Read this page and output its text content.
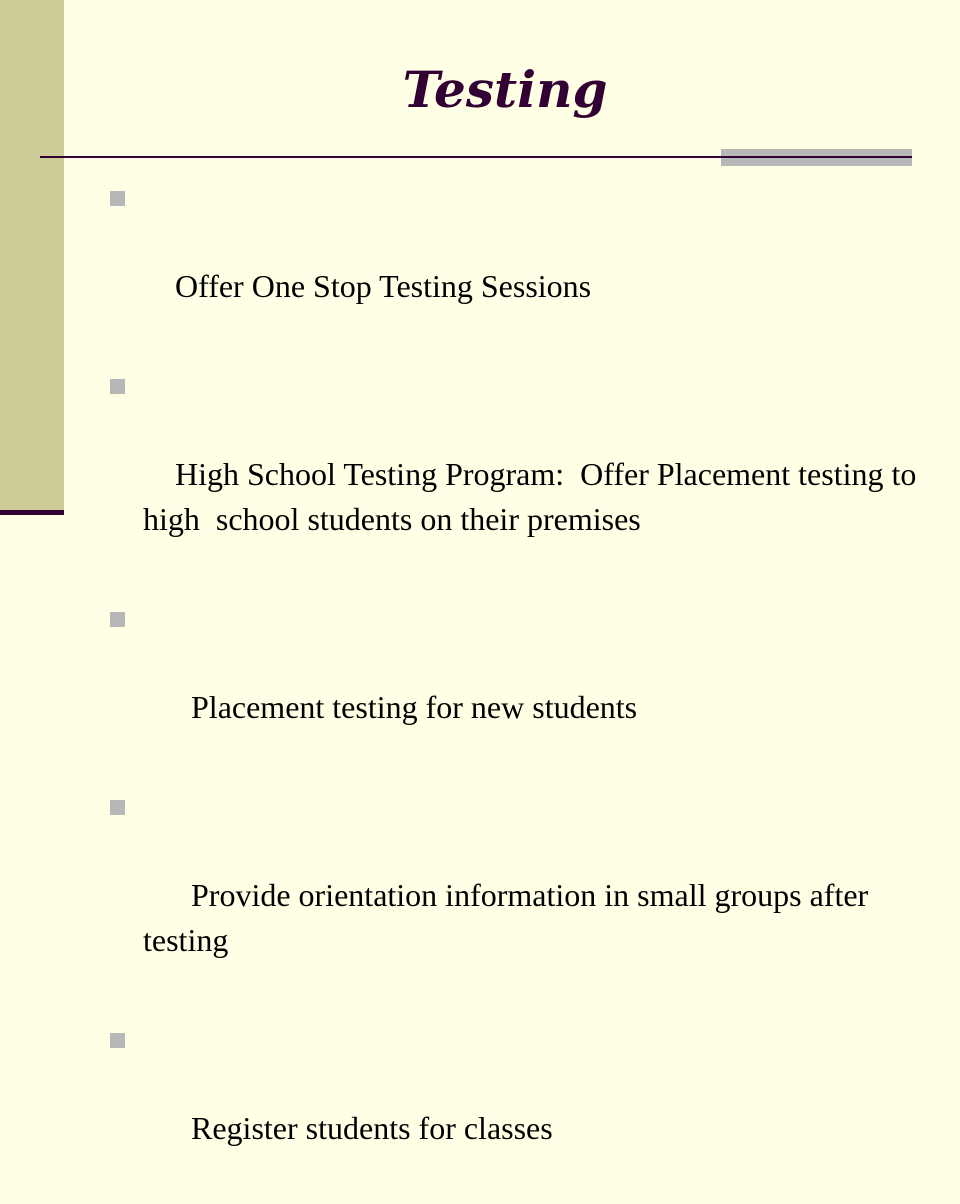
Testing

Offer One Stop Testing Sessions

High School Testing Program:  Offer Placement testing to  high  school students on their premises

Placement testing for new students

Provide orientation information in small groups after testing

Register students for classes
